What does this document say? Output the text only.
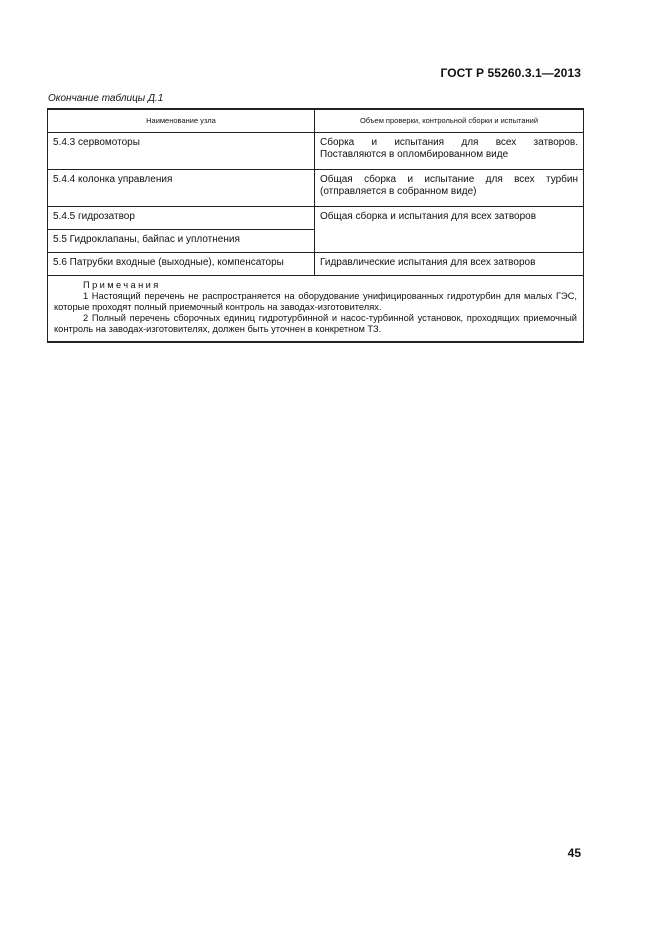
ГОСТ Р 55260.3.1—2013
Окончание таблицы Д.1
Наименование узла	Объем проверки, контрольной сборки и испытаний

5.4.3 сервомоторы	Сборка и испытания для всех затворов.
Поставляются в опломбированном виде

5.4.4 колонка управления	Общая сборка и испытание для всех турбин
(отправляется в собранном виде)

5.4.5 гидрозатвор	Общая сборка и испытания для всех затворов

5.5 Гидроклапаны, байпас и уплотнения	

5.6 Патрубки входные (выходные), компенсаторы	Гидравлические испытания для всех затворов

Примечания
1 Настоящий перечень не распространяется на оборудование унифицированных гидротурбин для малых ГЭС, которые проходят полный приемочный контроль на заводах-изготовителях.
2 Полный перечень сборочных единиц гидротурбинной и насос-турбинной установок, проходящих приемочный контроль на заводах-изготовителях, должен быть уточнен в конкретном ТЗ.	
45
